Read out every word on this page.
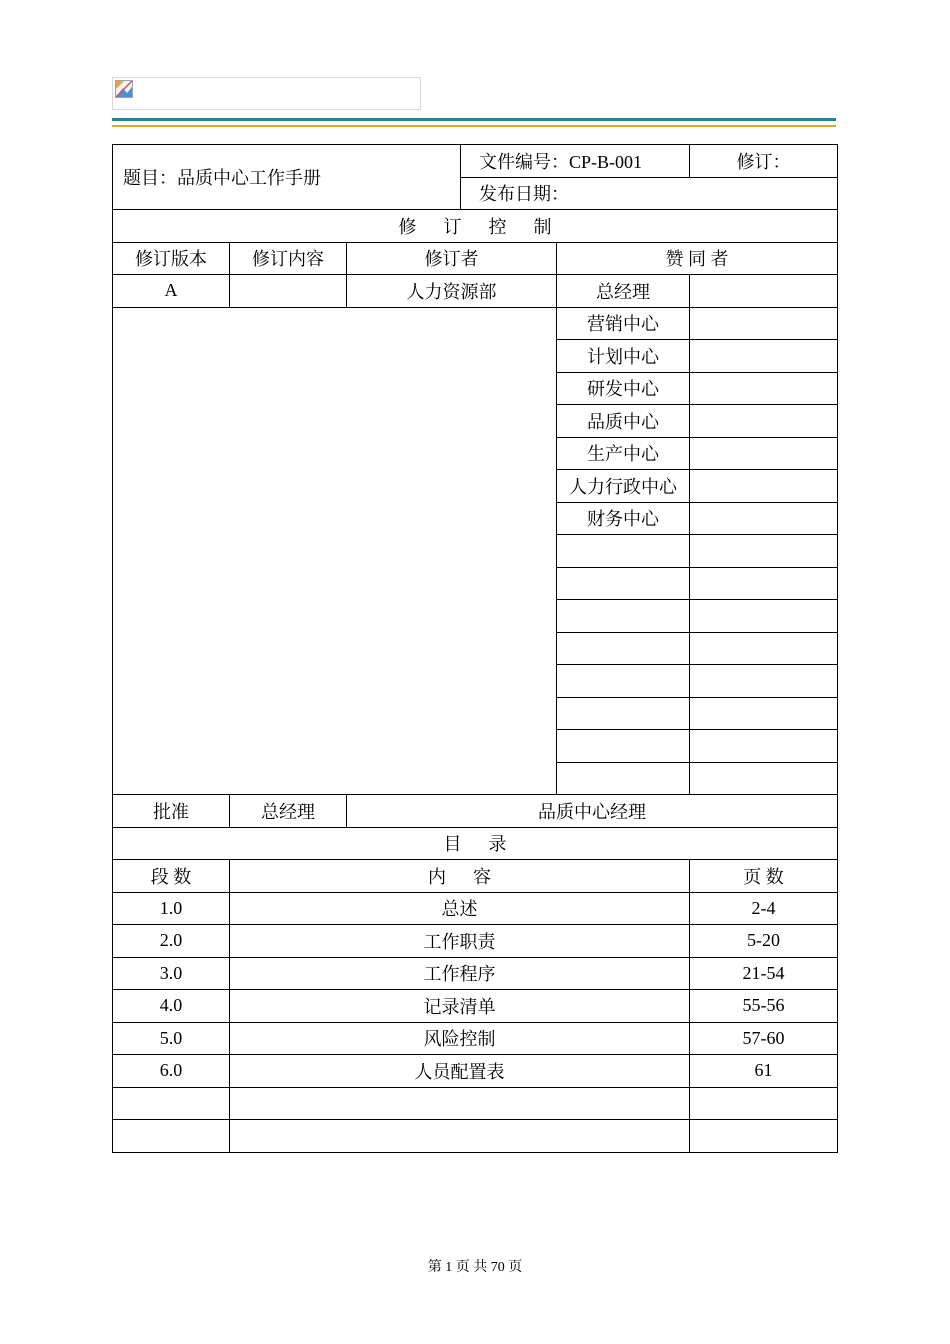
题目：品质中心工作手册			文件编号：CP-B-001		修订：
			发布日期：		
修      订      控      制					
修订版本	修订内容	修订者		赞 同 者	
A		人力资源部		总经理	
				营销中心	
				计划中心	
				研发中心	
				品质中心	
				生产中心	
				人力行政中心	
				财务中心	

批准	总经理	品质中心经理			
目      录					
段 数	内      容				页 数
1.0	总述				2-4
2.0	工作职责				5-20
3.0	工作程序				21-54
4.0	记录清单				55-56
5.0	风险控制				57-60
6.0	人员配置表				61

第 1 页 共 70 页
